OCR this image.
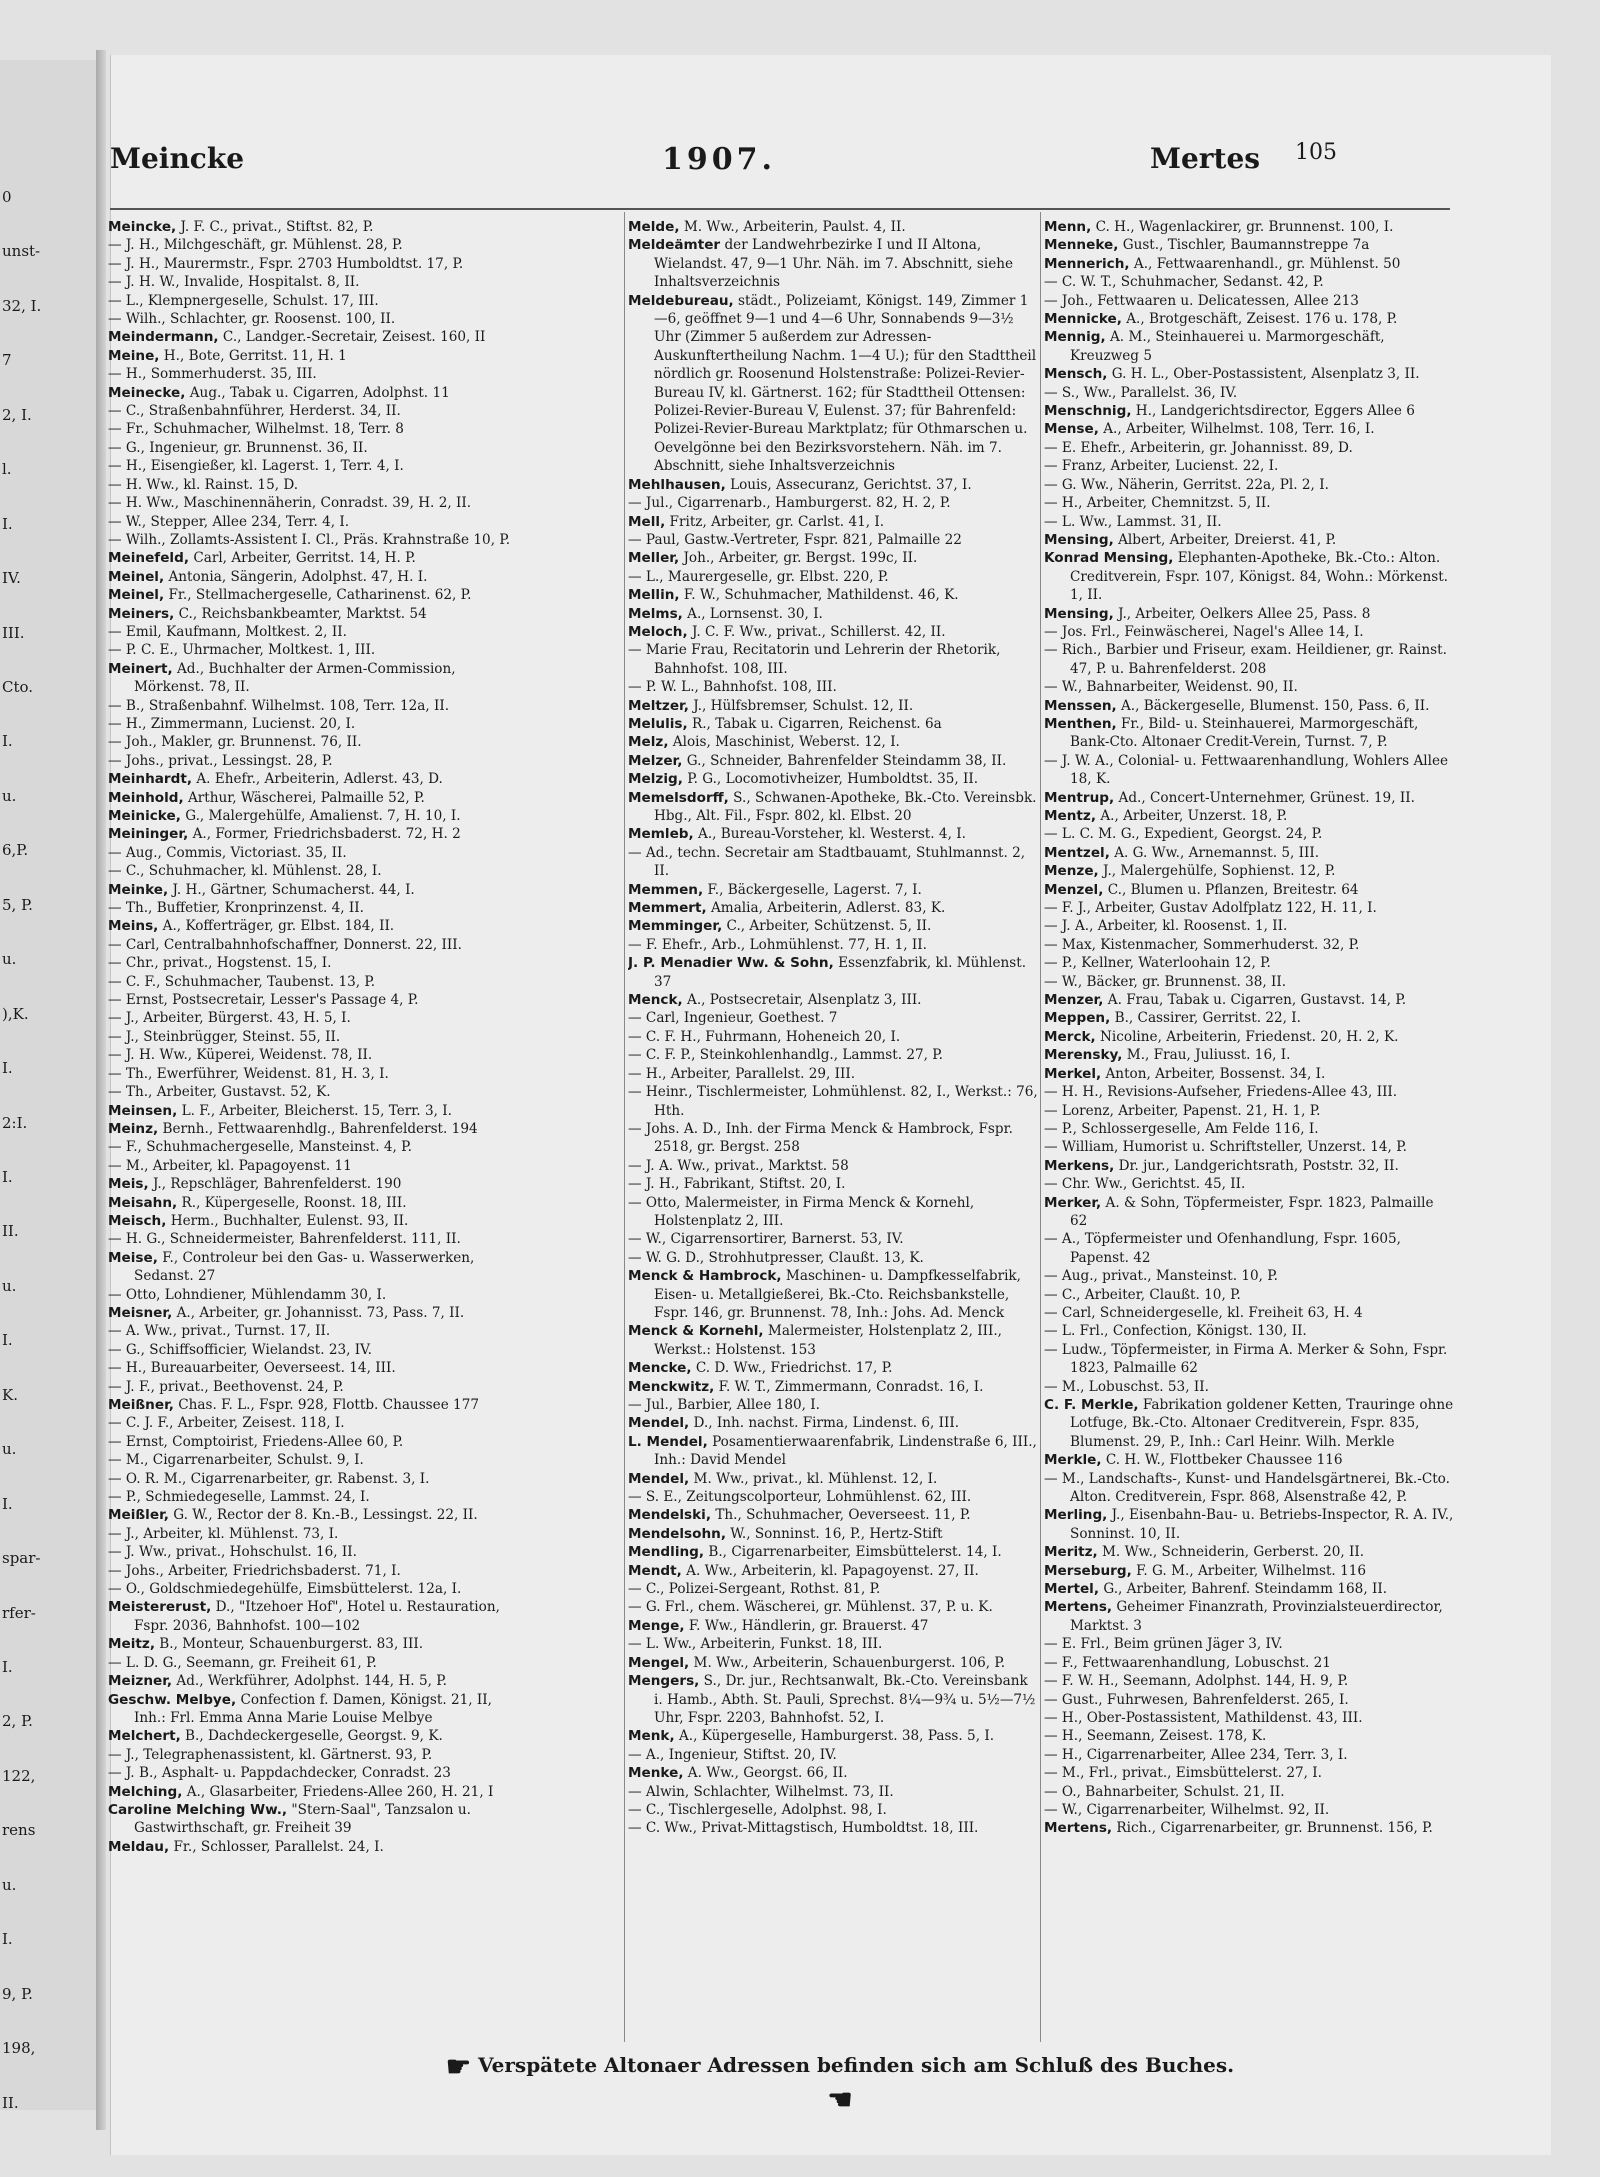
0
unst-
32, I.
7
2, I.
l.
I.
IV.
III.
Cto.
I.
u.
6,P.
5, P.
u.
),K.
I.
2:I.
I.
II.
u.
I.
K.
u.
I.
spar-
rfer-
I.
2, P.
122,
rens
u.
I.
9, P.
198,
II.
Meincke	1907.	Mertes 105

Meincke, J. F. C., privat., Stiftst. 82, P.

— J. H., Milchgeschäft, gr. Mühlenst. 28, P.

— J. H., Maurermstr., Fspr. 2703 Humboldtst. 17, P.

— J. H. W., Invalide, Hospitalst. 8, II.

— L., Klempnergeselle, Schulst. 17, III.

— Wilh., Schlachter, gr. Roosenst. 100, II.

Meindermann, C., Landger.-Secretair, Zeisest. 160, II

Meine, H., Bote, Gerritst. 11, H. 1

— H., Sommerhuderst. 35, III.

Meinecke, Aug., Tabak u. Cigarren, Adolphst. 11

— C., Straßenbahnführer, Herderst. 34, II.

— Fr., Schuhmacher, Wilhelmst. 18, Terr. 8

— G., Ingenieur, gr. Brunnenst. 36, II.

— H., Eisengießer, kl. Lagerst. 1, Terr. 4, I.

— H. Ww., kl. Rainst. 15, D.

— H. Ww., Maschinennäherin, Conradst. 39, H. 2, II.

— W., Stepper, Allee 234, Terr. 4, I.

— Wilh., Zollamts-Assistent I. Cl., Präs. Krahnstraße 10, P.

Meinefeld, Carl, Arbeiter, Gerritst. 14, H. P.

Meinel, Antonia, Sängerin, Adolphst. 47, H. I.

Meinel, Fr., Stellmachergeselle, Catharinenst. 62, P.

Meiners, C., Reichsbankbeamter, Marktst. 54

— Emil, Kaufmann, Moltkest. 2, II.

— P. C. E., Uhrmacher, Moltkest. 1, III.

Meinert, Ad., Buchhalter der Armen-Commission, Mörkenst. 78, II.

— B., Straßenbahnf. Wilhelmst. 108, Terr. 12a, II.

— H., Zimmermann, Lucienst. 20, I.

— Joh., Makler, gr. Brunnenst. 76, II.

— Johs., privat., Lessingst. 28, P.

Meinhardt, A. Ehefr., Arbeiterin, Adlerst. 43, D.

Meinhold, Arthur, Wäscherei, Palmaille 52, P.

Meinicke, G., Malergehülfe, Amalienst. 7, H. 10, I.

Meininger, A., Former, Friedrichsbaderst. 72, H. 2

— Aug., Commis, Victoriast. 35, II.

— C., Schuhmacher, kl. Mühlenst. 28, I.

Meinke, J. H., Gärtner, Schumacherst. 44, I.

— Th., Buffetier, Kronprinzenst. 4, II.

Meins, A., Kofferträger, gr. Elbst. 184, II.

— Carl, Centralbahnhofschaffner, Donnerst. 22, III.

— Chr., privat., Hogstenst. 15, I.

— C. F., Schuhmacher, Taubenst. 13, P.

— Ernst, Postsecretair, Lesser's Passage 4, P.

— J., Arbeiter, Bürgerst. 43, H. 5, I.

— J., Steinbrügger, Steinst. 55, II.

— J. H. Ww., Küperei, Weidenst. 78, II.

— Th., Ewerführer, Weidenst. 81, H. 3, I.

— Th., Arbeiter, Gustavst. 52, K.

Meinsen, L. F., Arbeiter, Bleicherst. 15, Terr. 3, I.

Meinz, Bernh., Fettwaarenhdlg., Bahrenfelderst. 194

— F., Schuhmachergeselle, Mansteinst. 4, P.

— M., Arbeiter, kl. Papagoyenst. 11

Meis, J., Repschläger, Bahrenfelderst. 190

Meisahn, R., Küpergeselle, Roonst. 18, III.

Meisch, Herm., Buchhalter, Eulenst. 93, II.

— H. G., Schneidermeister, Bahrenfelderst. 111, II.

Meise, F., Controleur bei den Gas- u. Wasserwerken, Sedanst. 27

— Otto, Lohndiener, Mühlendamm 30, I.

Meisner, A., Arbeiter, gr. Johannisst. 73, Pass. 7, II.

— A. Ww., privat., Turnst. 17, II.

— G., Schiffsofficier, Wielandst. 23, IV.

— H., Bureauarbeiter, Oeverseest. 14, III.

— J. F., privat., Beethovenst. 24, P.

Meißner, Chas. F. L., Fspr. 928, Flottb. Chaussee 177

— C. J. F., Arbeiter, Zeisest. 118, I.

— Ernst, Comptoirist, Friedens-Allee 60, P.

— M., Cigarrenarbeiter, Schulst. 9, I.

— O. R. M., Cigarrenarbeiter, gr. Rabenst. 3, I.

— P., Schmiedegeselle, Lammst. 24, I.

Meißler, G. W., Rector der 8. Kn.-B., Lessingst. 22, II.

— J., Arbeiter, kl. Mühlenst. 73, I.

— J. Ww., privat., Hohschulst. 16, II.

— Johs., Arbeiter, Friedrichsbaderst. 71, I.

— O., Goldschmiedegehülfe, Eimsbüttelerst. 12a, I.

Meistererust, D., "Itzehoer Hof", Hotel u. Restauration, Fspr. 2036, Bahnhofst. 100—102

Meitz, B., Monteur, Schauenburgerst. 83, III.

— L. D. G., Seemann, gr. Freiheit 61, P.

Meizner, Ad., Werkführer, Adolphst. 144, H. 5, P.

Geschw. Melbye, Confection f. Damen, Königst. 21, II, Inh.: Frl. Emma Anna Marie Louise Melbye

Melchert, B., Dachdeckergeselle, Georgst. 9, K.

— J., Telegraphenassistent, kl. Gärtnerst. 93, P.

— J. B., Asphalt- u. Pappdachdecker, Conradst. 23

Melching, A., Glasarbeiter, Friedens-Allee 260, H. 21, I

Caroline Melching Ww., "Stern-Saal", Tanzsalon u. Gastwirthschaft, gr. Freiheit 39

Meldau, Fr., Schlosser, Parallelst. 24, I.

Melde, M. Ww., Arbeiterin, Paulst. 4, II.

Meldeämter der Landwehrbezirke I und II Altona, Wielandst. 47, 9—1 Uhr. Näh. im 7. Abschnitt, siehe Inhaltsverzeichnis

Meldebureau, städt., Polizeiamt, Königst. 149, Zimmer 1—6, geöffnet 9—1 und 4—6 Uhr, Sonnabends 9—3½ Uhr (Zimmer 5 außerdem zur Adressen-Auskunftertheilung Nachm. 1—4 U.); für den Stadttheil nördlich gr. Roosenund Holstenstraße: Polizei-Revier-Bureau IV, kl. Gärtnerst. 162; für Stadttheil Ottensen: Polizei-Revier-Bureau V, Eulenst. 37; für Bahrenfeld: Polizei-Revier-Bureau Marktplatz; für Othmarschen u. Oevelgönne bei den Bezirksvorstehern. Näh. im 7. Abschnitt, siehe Inhaltsverzeichnis

Mehlhausen, Louis, Assecuranz, Gerichtst. 37, I.

— Jul., Cigarrenarb., Hamburgerst. 82, H. 2, P.

Mell, Fritz, Arbeiter, gr. Carlst. 41, I.

— Paul, Gastw.-Vertreter, Fspr. 821, Palmaille 22

Meller, Joh., Arbeiter, gr. Bergst. 199c, II.

— L., Maurergeselle, gr. Elbst. 220, P.

Mellin, F. W., Schuhmacher, Mathildenst. 46, K.

Melms, A., Lornsenst. 30, I.

Meloch, J. C. F. Ww., privat., Schillerst. 42, II.

— Marie Frau, Recitatorin und Lehrerin der Rhetorik, Bahnhofst. 108, III.

— P. W. L., Bahnhofst. 108, III.

Meltzer, J., Hülfsbremser, Schulst. 12, II.

Melulis, R., Tabak u. Cigarren, Reichenst. 6a

Melz, Alois, Maschinist, Weberst. 12, I.

Melzer, G., Schneider, Bahrenfelder Steindamm 38, II.

Melzig, P. G., Locomotivheizer, Humboldtst. 35, II.

Memelsdorff, S., Schwanen-Apotheke, Bk.-Cto. Vereinsbk. Hbg., Alt. Fil., Fspr. 802, kl. Elbst. 20

Memleb, A., Bureau-Vorsteher, kl. Westerst. 4, I.

— Ad., techn. Secretair am Stadtbauamt, Stuhlmannst. 2, II.

Memmen, F., Bäckergeselle, Lagerst. 7, I.

Memmert, Amalia, Arbeiterin, Adlerst. 83, K.

Memminger, C., Arbeiter, Schützenst. 5, II.

— F. Ehefr., Arb., Lohmühlenst. 77, H. 1, II.

J. P. Menadier Ww. & Sohn, Essenzfabrik, kl. Mühlenst. 37

Menck, A., Postsecretair, Alsenplatz 3, III.

— Carl, Ingenieur, Goethest. 7

— C. F. H., Fuhrmann, Hoheneich 20, I.

— C. F. P., Steinkohlenhandlg., Lammst. 27, P.

— H., Arbeiter, Parallelst. 29, III.

— Heinr., Tischlermeister, Lohmühlenst. 82, I., Werkst.: 76, Hth.

— Johs. A. D., Inh. der Firma Menck & Hambrock, Fspr. 2518, gr. Bergst. 258

— J. A. Ww., privat., Marktst. 58

— J. H., Fabrikant, Stiftst. 20, I.

— Otto, Malermeister, in Firma Menck & Kornehl, Holstenplatz 2, III.

— W., Cigarrensortirer, Barnerst. 53, IV.

— W. G. D., Strohhutpresser, Claußt. 13, K.

Menck & Hambrock, Maschinen- u. Dampfkesselfabrik, Eisen- u. Metallgießerei, Bk.-Cto. Reichsbankstelle, Fspr. 146, gr. Brunnenst. 78, Inh.: Johs. Ad. Menck

Menck & Kornehl, Malermeister, Holstenplatz 2, III., Werkst.: Holstenst. 153

Mencke, C. D. Ww., Friedrichst. 17, P.

Menckwitz, F. W. T., Zimmermann, Conradst. 16, I.

— Jul., Barbier, Allee 180, I.

Mendel, D., Inh. nachst. Firma, Lindenst. 6, III.

L. Mendel, Posamentierwaarenfabrik, Lindenstraße 6, III., Inh.: David Mendel

Mendel, M. Ww., privat., kl. Mühlenst. 12, I.

— S. E., Zeitungscolporteur, Lohmühlenst. 62, III.

Mendelski, Th., Schuhmacher, Oeverseest. 11, P.

Mendelsohn, W., Sonninst. 16, P., Hertz-Stift

Mendling, B., Cigarrenarbeiter, Eimsbüttelerst. 14, I.

Mendt, A. Ww., Arbeiterin, kl. Papagoyenst. 27, II.

— C., Polizei-Sergeant, Rothst. 81, P.

— G. Frl., chem. Wäscherei, gr. Mühlenst. 37, P. u. K.

Menge, F. Ww., Händlerin, gr. Brauerst. 47

— L. Ww., Arbeiterin, Funkst. 18, III.

Mengel, M. Ww., Arbeiterin, Schauenburgerst. 106, P.

Mengers, S., Dr. jur., Rechtsanwalt, Bk.-Cto. Vereinsbank i. Hamb., Abth. St. Pauli, Sprechst. 8¼—9¾ u. 5½—7½ Uhr, Fspr. 2203, Bahnhofst. 52, I.

Menk, A., Küpergeselle, Hamburgerst. 38, Pass. 5, I.

— A., Ingenieur, Stiftst. 20, IV.

Menke, A. Ww., Georgst. 66, II.

— Alwin, Schlachter, Wilhelmst. 73, II.

— C., Tischlergeselle, Adolphst. 98, I.

— C. Ww., Privat-Mittagstisch, Humboldtst. 18, III.

Menn, C. H., Wagenlackirer, gr. Brunnenst. 100, I.

Menneke, Gust., Tischler, Baumannstreppe 7a

Mennerich, A., Fettwaarenhandl., gr. Mühlenst. 50

— C. W. T., Schuhmacher, Sedanst. 42, P.

— Joh., Fettwaaren u. Delicatessen, Allee 213

Mennicke, A., Brotgeschäft, Zeisest. 176 u. 178, P.

Mennig, A. M., Steinhauerei u. Marmorgeschäft, Kreuzweg 5

Mensch, G. H. L., Ober-Postassistent, Alsenplatz 3, II.

— S., Ww., Parallelst. 36, IV.

Menschnig, H., Landgerichtsdirector, Eggers Allee 6

Mense, A., Arbeiter, Wilhelmst. 108, Terr. 16, I.

— E. Ehefr., Arbeiterin, gr. Johannisst. 89, D.

— Franz, Arbeiter, Lucienst. 22, I.

— G. Ww., Näherin, Gerritst. 22a, Pl. 2, I.

— H., Arbeiter, Chemnitzst. 5, II.

— L. Ww., Lammst. 31, II.

Mensing, Albert, Arbeiter, Dreierst. 41, P.

Konrad Mensing, Elephanten-Apotheke, Bk.-Cto.: Alton. Creditverein, Fspr. 107, Königst. 84, Wohn.: Mörkenst. 1, II.

Mensing, J., Arbeiter, Oelkers Allee 25, Pass. 8

— Jos. Frl., Feinwäscherei, Nagel's Allee 14, I.

— Rich., Barbier und Friseur, exam. Heildiener, gr. Rainst. 47, P. u. Bahrenfelderst. 208

— W., Bahnarbeiter, Weidenst. 90, II.

Menssen, A., Bäckergeselle, Blumenst. 150, Pass. 6, II.

Menthen, Fr., Bild- u. Steinhauerei, Marmorgeschäft, Bank-Cto. Altonaer Credit-Verein, Turnst. 7, P.

— J. W. A., Colonial- u. Fettwaarenhandlung, Wohlers Allee 18, K.

Mentrup, Ad., Concert-Unternehmer, Grünest. 19, II.

Mentz, A., Arbeiter, Unzerst. 18, P.

— L. C. M. G., Expedient, Georgst. 24, P.

Mentzel, A. G. Ww., Arnemannst. 5, III.

Menze, J., Malergehülfe, Sophienst. 12, P.

Menzel, C., Blumen u. Pflanzen, Breitestr. 64

— F. J., Arbeiter, Gustav Adolfplatz 122, H. 11, I.

— J. A., Arbeiter, kl. Roosenst. 1, II.

— Max, Kistenmacher, Sommerhuderst. 32, P.

— P., Kellner, Waterloohain 12, P.

— W., Bäcker, gr. Brunnenst. 38, II.

Menzer, A. Frau, Tabak u. Cigarren, Gustavst. 14, P.

Meppen, B., Cassirer, Gerritst. 22, I.

Merck, Nicoline, Arbeiterin, Friedenst. 20, H. 2, K.

Merensky, M., Frau, Juliusst. 16, I.

Merkel, Anton, Arbeiter, Bossenst. 34, I.

— H. H., Revisions-Aufseher, Friedens-Allee 43, III.

— Lorenz, Arbeiter, Papenst. 21, H. 1, P.

— P., Schlossergeselle, Am Felde 116, I.

— William, Humorist u. Schriftsteller, Unzerst. 14, P.

Merkens, Dr. jur., Landgerichtsrath, Poststr. 32, II.

— Chr. Ww., Gerichtst. 45, II.

Merker, A. & Sohn, Töpfermeister, Fspr. 1823, Palmaille 62

— A., Töpfermeister und Ofenhandlung, Fspr. 1605, Papenst. 42

— Aug., privat., Mansteinst. 10, P.

— C., Arbeiter, Claußt. 10, P.

— Carl, Schneidergeselle, kl. Freiheit 63, H. 4

— L. Frl., Confection, Königst. 130, II.

— Ludw., Töpfermeister, in Firma A. Merker & Sohn, Fspr. 1823, Palmaille 62

— M., Lobuschst. 53, II.

C. F. Merkle, Fabrikation goldener Ketten, Trauringe ohne Lotfuge, Bk.-Cto. Altonaer Creditverein, Fspr. 835, Blumenst. 29, P., Inh.: Carl Heinr. Wilh. Merkle

Merkle, C. H. W., Flottbeker Chaussee 116

— M., Landschafts-, Kunst- und Handelsgärtnerei, Bk.-Cto. Alton. Creditverein, Fspr. 868, Alsenstraße 42, P.

Merling, J., Eisenbahn-Bau- u. Betriebs-Inspector, R. A. IV., Sonninst. 10, II.

Meritz, M. Ww., Schneiderin, Gerberst. 20, II.

Merseburg, F. G. M., Arbeiter, Wilhelmst. 116

Mertel, G., Arbeiter, Bahrenf. Steindamm 168, II.

Mertens, Geheimer Finanzrath, Provinzialsteuerdirector, Marktst. 3

— E. Frl., Beim grünen Jäger 3, IV.

— F., Fettwaarenhandlung, Lobuschst. 21

— F. W. H., Seemann, Adolphst. 144, H. 9, P.

— Gust., Fuhrwesen, Bahrenfelderst. 265, I.

— H., Ober-Postassistent, Mathildenst. 43, III.

— H., Seemann, Zeisest. 178, K.

— H., Cigarrenarbeiter, Allee 234, Terr. 3, I.

— M., Frl., privat., Eimsbüttelerst. 27, I.

— O., Bahnarbeiter, Schulst. 21, II.

— W., Cigarrenarbeiter, Wilhelmst. 92, II.

Mertens, Rich., Cigarrenarbeiter, gr. Brunnenst. 156, P.

☛ Verspätete Altonaer Adressen befinden sich am Schluß des Buches. ☚
